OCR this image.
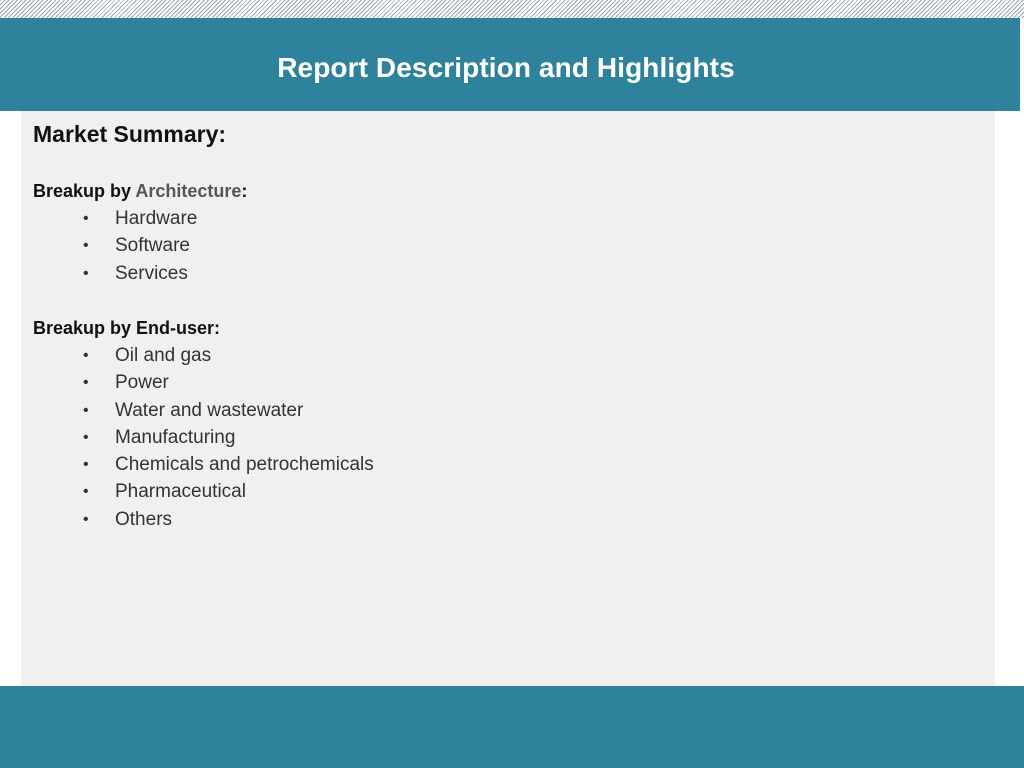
Report Description and Highlights
Market Summary:
Breakup by Architecture:
• Hardware
• Software
• Services
Breakup by End-user:
• Oil and gas
• Power
• Water and wastewater
• Manufacturing
• Chemicals and petrochemicals
• Pharmaceutical
• Others
